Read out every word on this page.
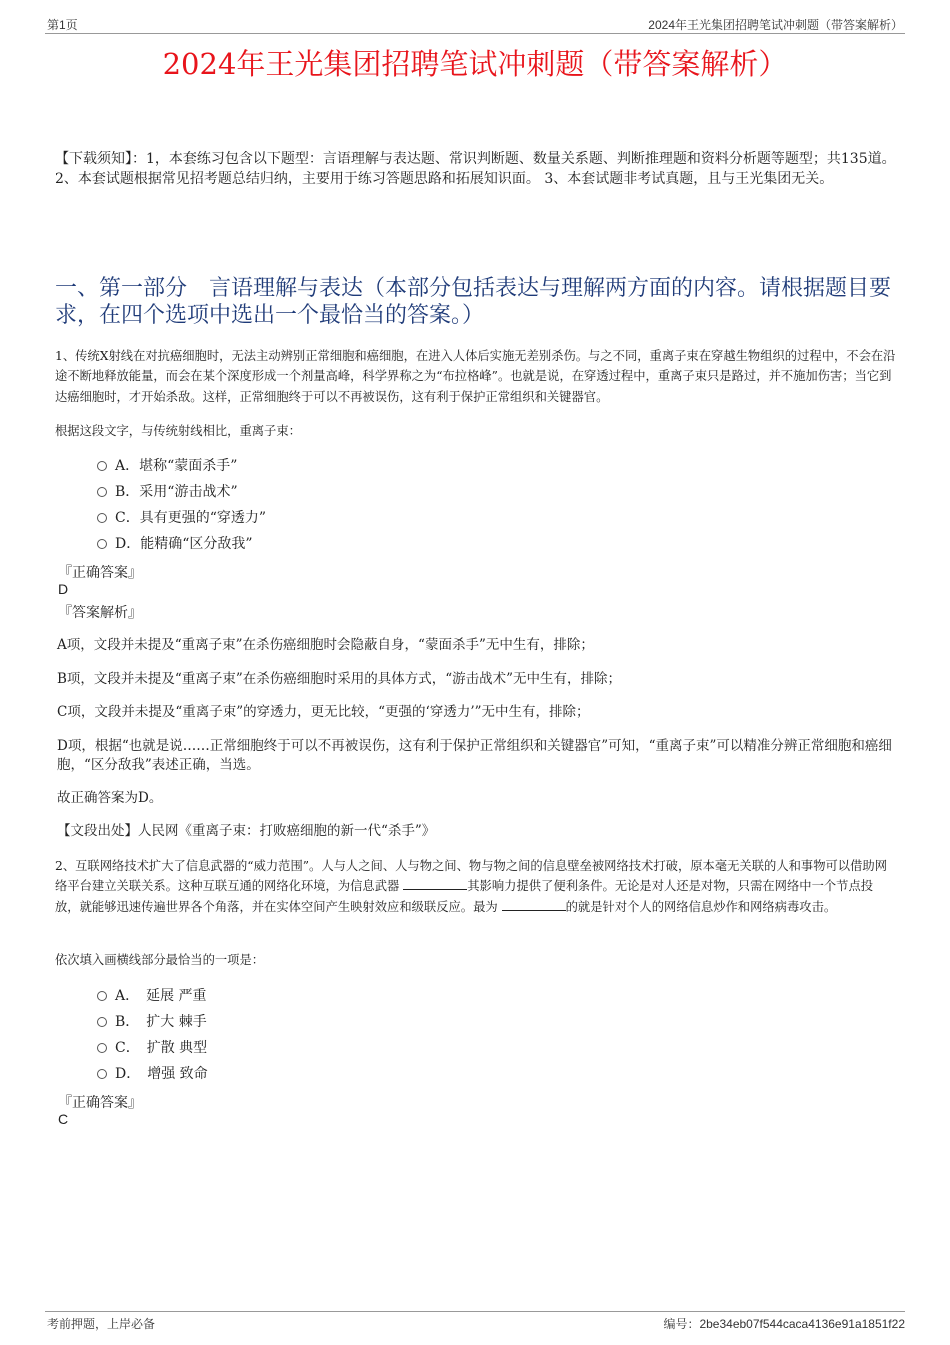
第1页	2024年王光集团招聘笔试冲刺题（带答案解析）
2024年王光集团招聘笔试冲刺题（带答案解析）
【下载须知】：1，本套练习包含以下题型：言语理解与表达题、常识判断题、数量关系题、判断推理题和资料分析题等题型；共135道。 2、本套试题根据常见招考题总结归纳，主要用于练习答题思路和拓展知识面。 3、本套试题非考试真题，且与王光集团无关。
一、第一部分　言语理解与表达（本部分包括表达与理解两方面的内容。请根据题目要求，在四个选项中选出一个最恰当的答案。）
1、传统X射线在对抗癌细胞时，无法主动辨别正常细胞和癌细胞，在进入人体后实施无差别杀伤。与之不同，重离子束在穿越生物组织的过程中，不会在沿途不断地释放能量，而会在某个深度形成一个剂量高峰，科学界称之为“布拉格峰”。也就是说，在穿透过程中，重离子束只是路过，并不施加伤害；当它到达癌细胞时，才开始杀敌。这样，正常细胞终于可以不再被误伤，这有利于保护正常组织和关键器官。
根据这段文字，与传统射线相比，重离子束：
A．堪称“蒙面杀手”
B．采用“游击战术”
C．具有更强的“穿透力”
D．能精确“区分敌我”
『正确答案』
D
『答案解析』
A项，文段并未提及“重离子束”在杀伤癌细胞时会隐蔽自身，“蒙面杀手”无中生有，排除；
B项，文段并未提及“重离子束”在杀伤癌细胞时采用的具体方式，“游击战术”无中生有，排除；
C项，文段并未提及“重离子束”的穿透力，更无比较，“更强的‘穿透力’”无中生有，排除；
D项，根据“也就是说……正常细胞终于可以不再被误伤，这有利于保护正常组织和关键器官”可知，“重离子束”可以精准分辨正常细胞和癌细胞，“区分敌我”表述正确，当选。
故正确答案为D。
【文段出处】人民网《重离子束：打败癌细胞的新一代“杀手”》
2、互联网络技术扩大了信息武器的“威力范围”。人与人之间、人与物之间、物与物之间的信息壁垒被网络技术打破，原本毫无关联的人和事物可以借助网络平台建立关联关系。这种互联互通的网络化环境，为信息武器	其影响力提供了便利条件。无论是对人还是对物，只需在网络中一个节点投放，就能够迅速传遍世界各个角落，并在实体空间产生映射效应和级联反应。最为	的就是针对个人的网络信息炒作和网络病毒攻击。
依次填入画横线部分最恰当的一项是：
A．　延展 严重
B．　扩大 棘手
C．　扩散 典型
D．　增强 致命
『正确答案』
C
考前押题，上岸必备	编号：2be34eb07f544caca4136e91a1851f22
